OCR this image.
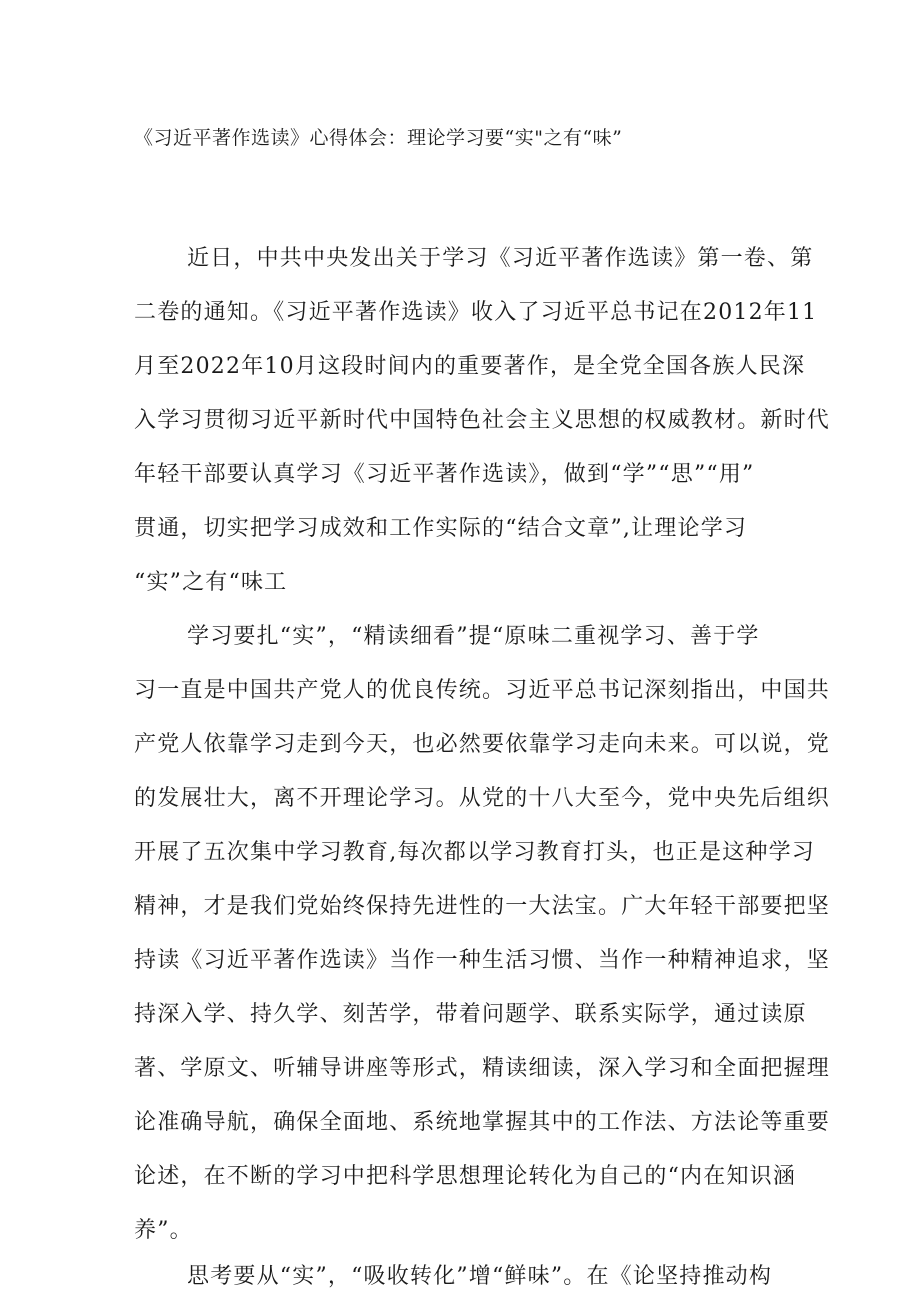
《习近平著作选读》心得体会：理论学习要“实"之有“味”
近日，中共中央发出关于学习《习近平著作选读》第一卷、第
二卷的通知。《习近平著作选读》收入了习近平总书记在2012年11
月至2022年10月这段时间内的重要著作，是全党全国各族人民深
入学习贯彻习近平新时代中国特色社会主义思想的权威教材。新时代
年轻干部要认真学习《习近平著作选读》，做到“学”“思”“用”
贯通，切实把学习成效和工作实际的“结合文章”,让理论学习
“实”之有“味工
学习要扎“实”，“精读细看”提“原味二重视学习、善于学
习一直是中国共产党人的优良传统。习近平总书记深刻指出，中国共
产党人依靠学习走到今天，也必然要依靠学习走向未来。可以说，党
的发展壮大，离不开理论学习。从党的十八大至今，党中央先后组织
开展了五次集中学习教育,每次都以学习教育打头，也正是这种学习
精神，才是我们党始终保持先进性的一大法宝。广大年轻干部要把坚
持读《习近平著作选读》当作一种生活习惯、当作一种精神追求，坚
持深入学、持久学、刻苦学，带着问题学、联系实际学，通过读原
著、学原文、听辅导讲座等形式，精读细读，深入学习和全面把握理
论准确导航，确保全面地、系统地掌握其中的工作法、方法论等重要
论述，在不断的学习中把科学思想理论转化为自己的“内在知识涵
养”。
思考要从“实”，“吸收转化”增“鲜味”。在《论坚持推动构
